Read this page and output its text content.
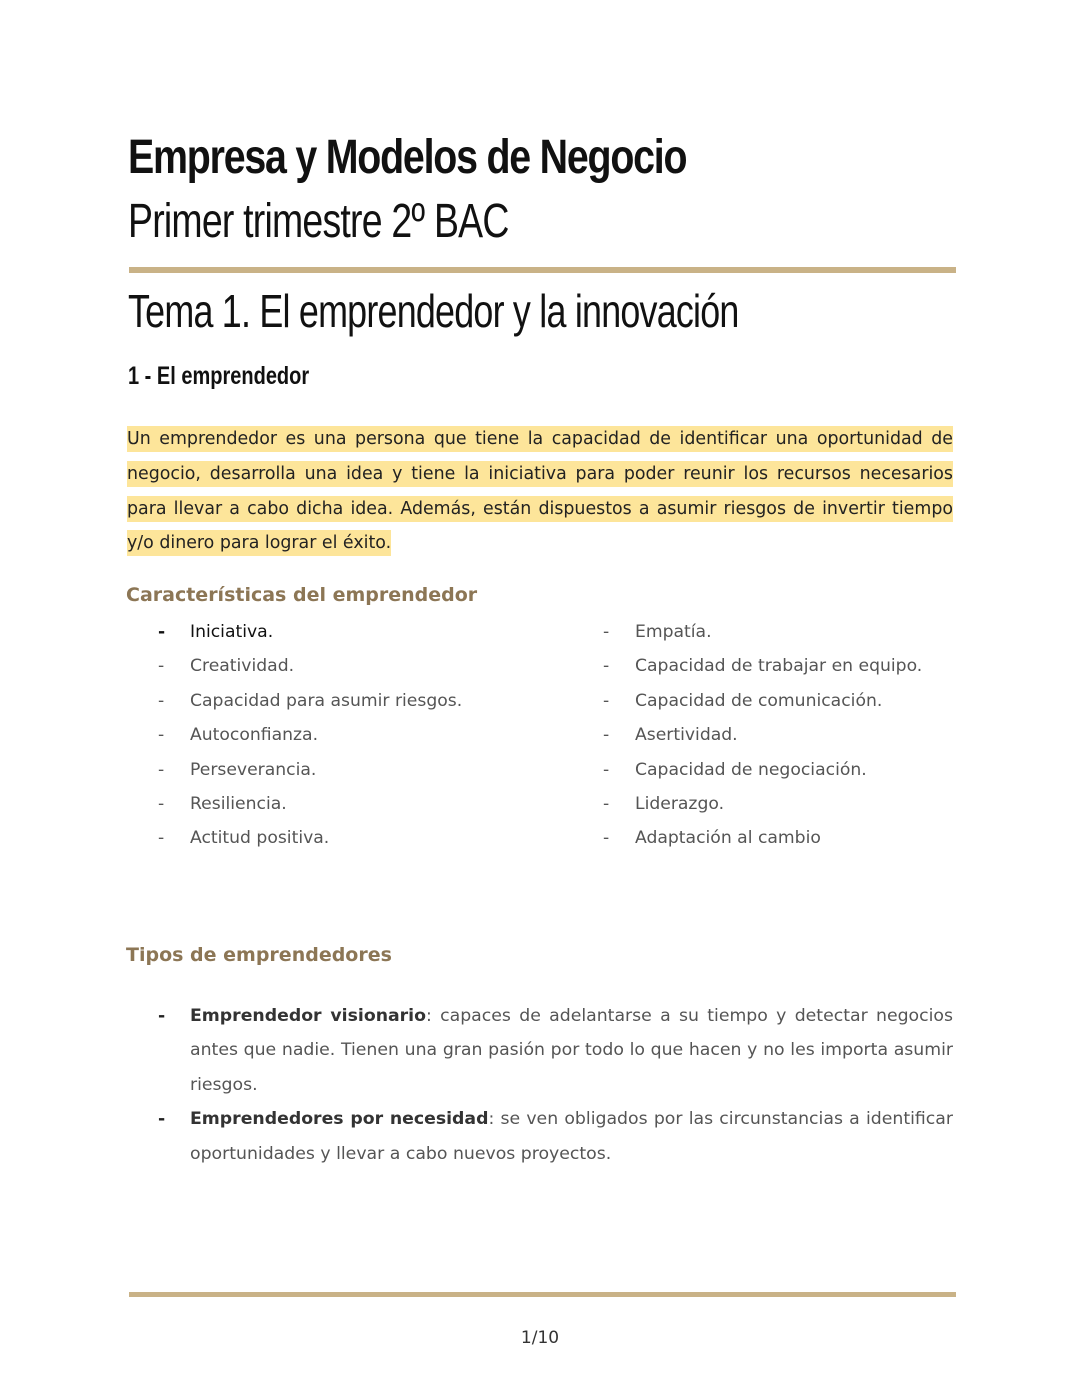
Empresa y Modelos de Negocio
Primer trimestre 2º BAC
Tema 1. El emprendedor y la innovación
1 - El emprendedor

Un emprendedor es una persona que tiene la capacidad de identificar una oportunidad de negocio, desarrolla una idea y tiene la iniciativa para poder reunir los recursos necesarios para llevar a cabo dicha idea. Además, están dispuestos a asumir riesgos de invertir tiempo y/o dinero para lograr el éxito.

Características del emprendedor
- Iniciativa.
- Creatividad.
- Capacidad para asumir riesgos.
- Autoconfianza.
- Perseverancia.
- Resiliencia.
- Actitud positiva.
- Empatía.
- Capacidad de trabajar en equipo.
- Capacidad de comunicación.
- Asertividad.
- Capacidad de negociación.
- Liderazgo.
- Adaptación al cambio
Tipos de emprendedores
- Emprendedor visionario: capaces de adelantarse a su tiempo y detectar negocios antes que nadie. Tienen una gran pasión por todo lo que hacen y no les importa asumir riesgos.
- Emprendedores por necesidad: se ven obligados por las circunstancias a identificar oportunidades y llevar a cabo nuevos proyectos.
1/10
